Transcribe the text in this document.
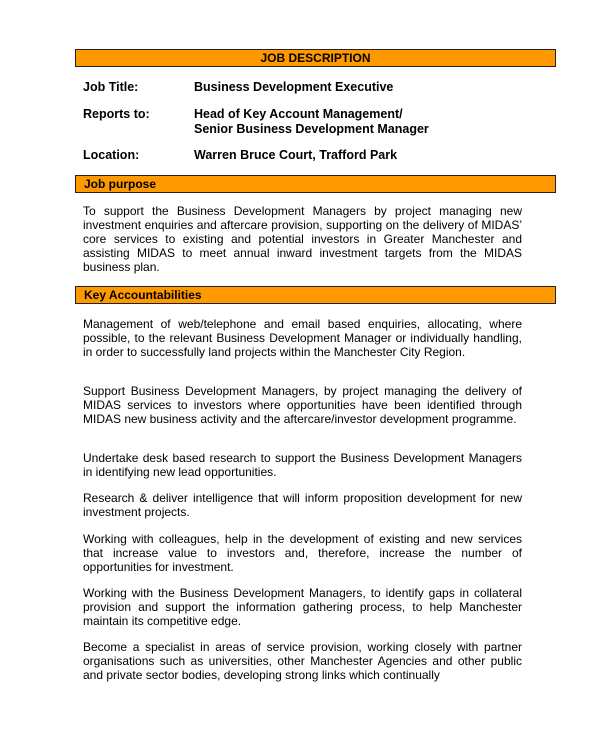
JOB DESCRIPTION
Job Title:	Business Development Executive
Reports to:	Head of Key Account Management/
Senior Business Development Manager
Location:	Warren Bruce Court, Trafford Park
Job purpose

To support the Business Development Managers by project managing new investment enquiries and aftercare provision, supporting on the delivery of MIDAS’ core services to existing and potential investors in Greater Manchester and assisting MIDAS to meet annual inward investment targets from the MIDAS business plan.

Key Accountabilities

Management of web/telephone and email based enquiries, allocating, where possible, to the relevant Business Development Manager or individually handling, in order to successfully land projects within the Manchester City Region.

Support Business Development Managers, by project managing the delivery of MIDAS services to investors where opportunities have been identified through MIDAS new business activity and the aftercare/investor development programme.

Undertake desk based research to support the Business Development Managers in identifying new lead opportunities.

Research & deliver intelligence that will inform proposition development for new investment projects.

Working with colleagues, help in the development of existing and new services that increase value to investors and, therefore, increase the number of opportunities for investment.

Working with the Business Development Managers, to identify gaps in collateral provision and support the information gathering process, to help Manchester maintain its competitive edge.

Become a specialist in areas of service provision, working closely with partner organisations such as universities, other Manchester Agencies and other public and private sector bodies, developing strong links which continually
